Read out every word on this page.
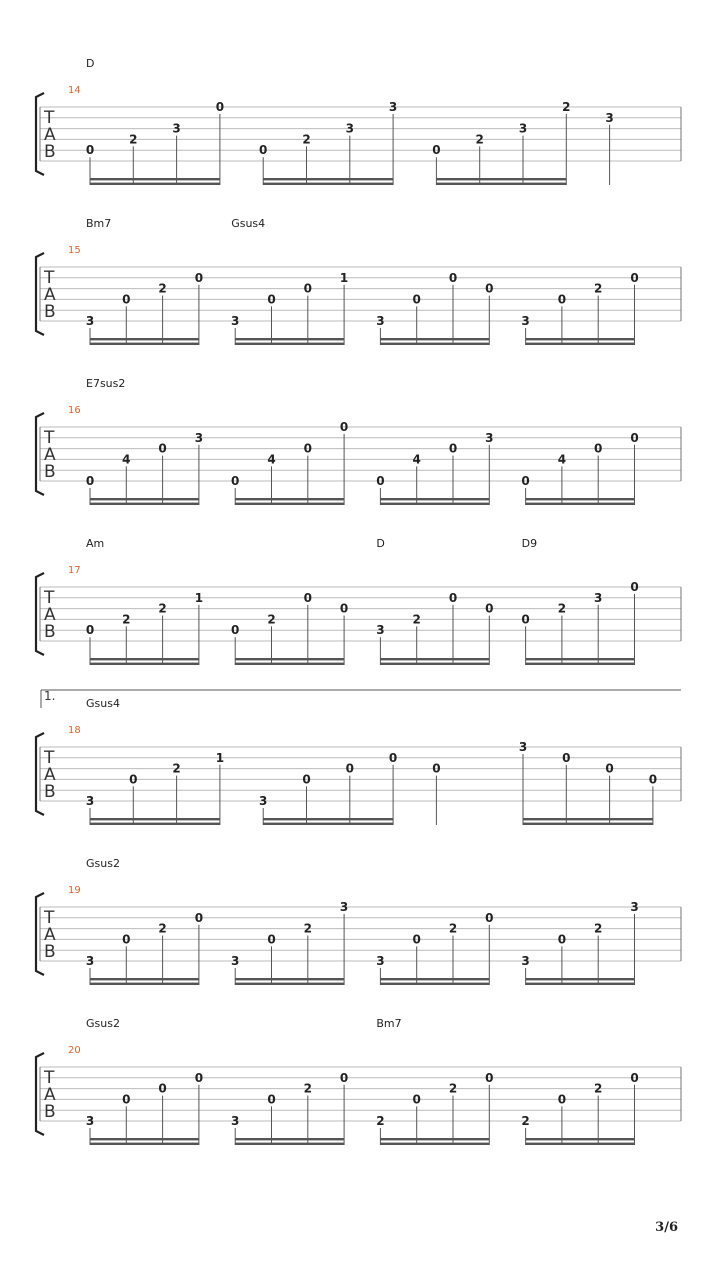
14
D
T
A
B	0
2
3
0
0
2
3
3
0
2
3
2
3
15
Bm7	Gsus4
T
A
B	3
0
2
0
3
0
0
1
3
0
0
0
3
0
2
0
16
E7sus2
T
A
B	0
4
0
3
0
4
0
0
0
4
0
3
0
4
0
0
17
Am	D	D9
T
A
B	0
2
2
1
0
2
0
0
3
2
0
0
0
2
3
0
18
Gsus4
1.
T
A
B	3
0
2
1
3
0
0
0
0
3
0
0
0
19
Gsus2
T
A
B	3
0
2
0
3
0
2
3
3
0
2
0
3
0
2
3
20
Gsus2	Bm7
T
A
B	3
0
0
0
3
0
2
0
2
0
2
0
2
0
2
0
3/6
